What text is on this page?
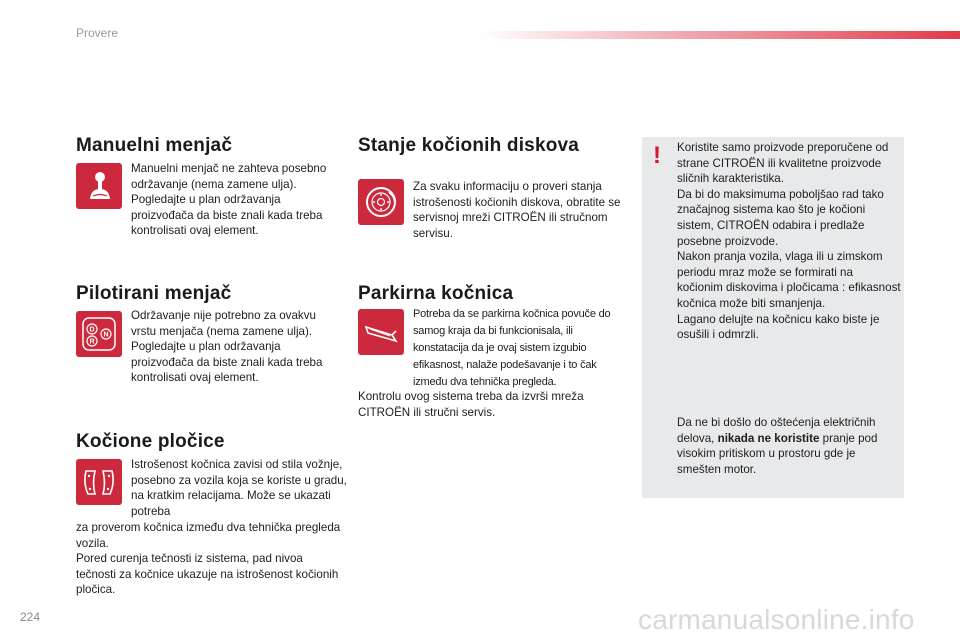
Provere
Manuelni menjač

Manuelni menjač ne zahteva posebno održavanje (nema zamene ulja).
Pogledajte u plan održavanja proizvođača da biste znali kada treba kontrolisati ovaj element.

Pilotirani menjač
D
N
R

Održavanje nije potrebno za ovakvu vrstu menjača (nema zamene ulja).
Pogledajte u plan održavanja proizvođača da biste znali kada treba kontrolisati ovaj element.

Kočione pločice

Istrošenost kočnica zavisi od stila vožnje, posebno za vozila koja se koriste u gradu, na kratkim relacijama. Može se ukazati potreba

za proverom kočnica između dva tehnička pregleda vozila.
Pored curenja tečnosti iz sistema, pad nivoa tečnosti za kočnice ukazuje na istrošenost kočionih pločica.

Stanje kočionih diskova

Za svaku informaciju o proveri stanja istrošenosti kočionih diskova, obratite se servisnoj mreži CITROËN ili stručnom servisu.

Parkirna kočnica

Potreba da se parkirna kočnica povuče do samog kraja da bi funkcionisala, ili konstatacija da je ovaj sistem izgubio efikasnost, nalaže podešavanje i to čak između dva tehnička pregleda.

Kontrolu ovog sistema treba da izvrši mreža CITROËN ili stručni servis.

! Koristite samo proizvode preporučene od strane CITROËN ili kvalitetne proizvode sličnih karakteristika.
Da bi do maksimuma poboljšao rad tako značajnog sistema kao što je kočioni sistem, CITROËN odabira i predlaže posebne proizvode.
Nakon pranja vozila, vlaga ili u zimskom periodu mraz može se formirati na kočionim diskovima i pločicama : efikasnost kočnica može biti smanjenja.
Lagano delujte na kočnicu kako biste je osušili i odmrzli.

Da ne bi došlo do oštećenja električnih delova, nikada ne koristite pranje pod visokim pritiskom u prostoru gde je smešten motor.

224	carmanualsonline.info
